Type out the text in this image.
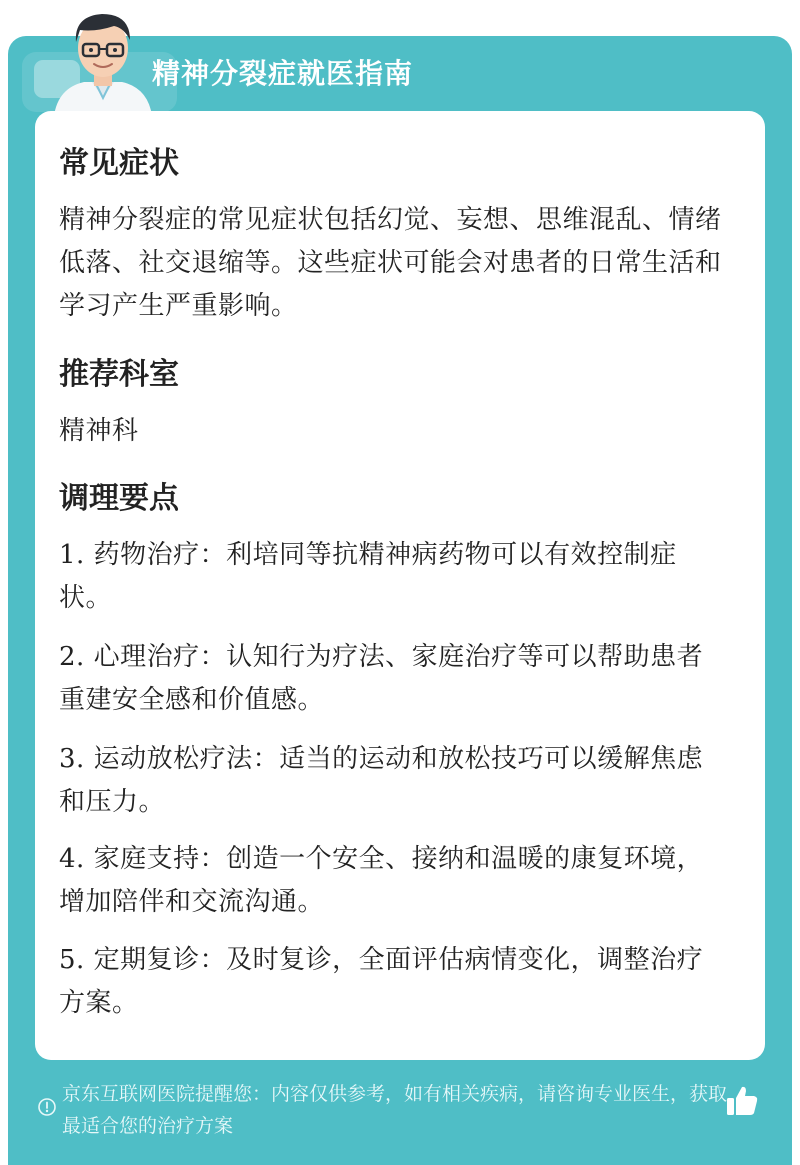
精神分裂症就医指南
常见症状
精神分裂症的常见症状包括幻觉、妄想、思维混乱、情绪低落、社交退缩等。这些症状可能会对患者的日常生活和学习产生严重影响。
推荐科室
精神科
调理要点
1. 药物治疗：利培同等抗精神病药物可以有效控制症状。
2. 心理治疗：认知行为疗法、家庭治疗等可以帮助患者重建安全感和价值感。
3. 运动放松疗法：适当的运动和放松技巧可以缓解焦虑和压力。
4. 家庭支持：创造一个安全、接纳和温暖的康复环境，增加陪伴和交流沟通。
5. 定期复诊：及时复诊，全面评估病情变化，调整治疗方案。
京东互联网医院提醒您：内容仅供参考，如有相关疾病，请咨询专业医生，获取最适合您的治疗方案
